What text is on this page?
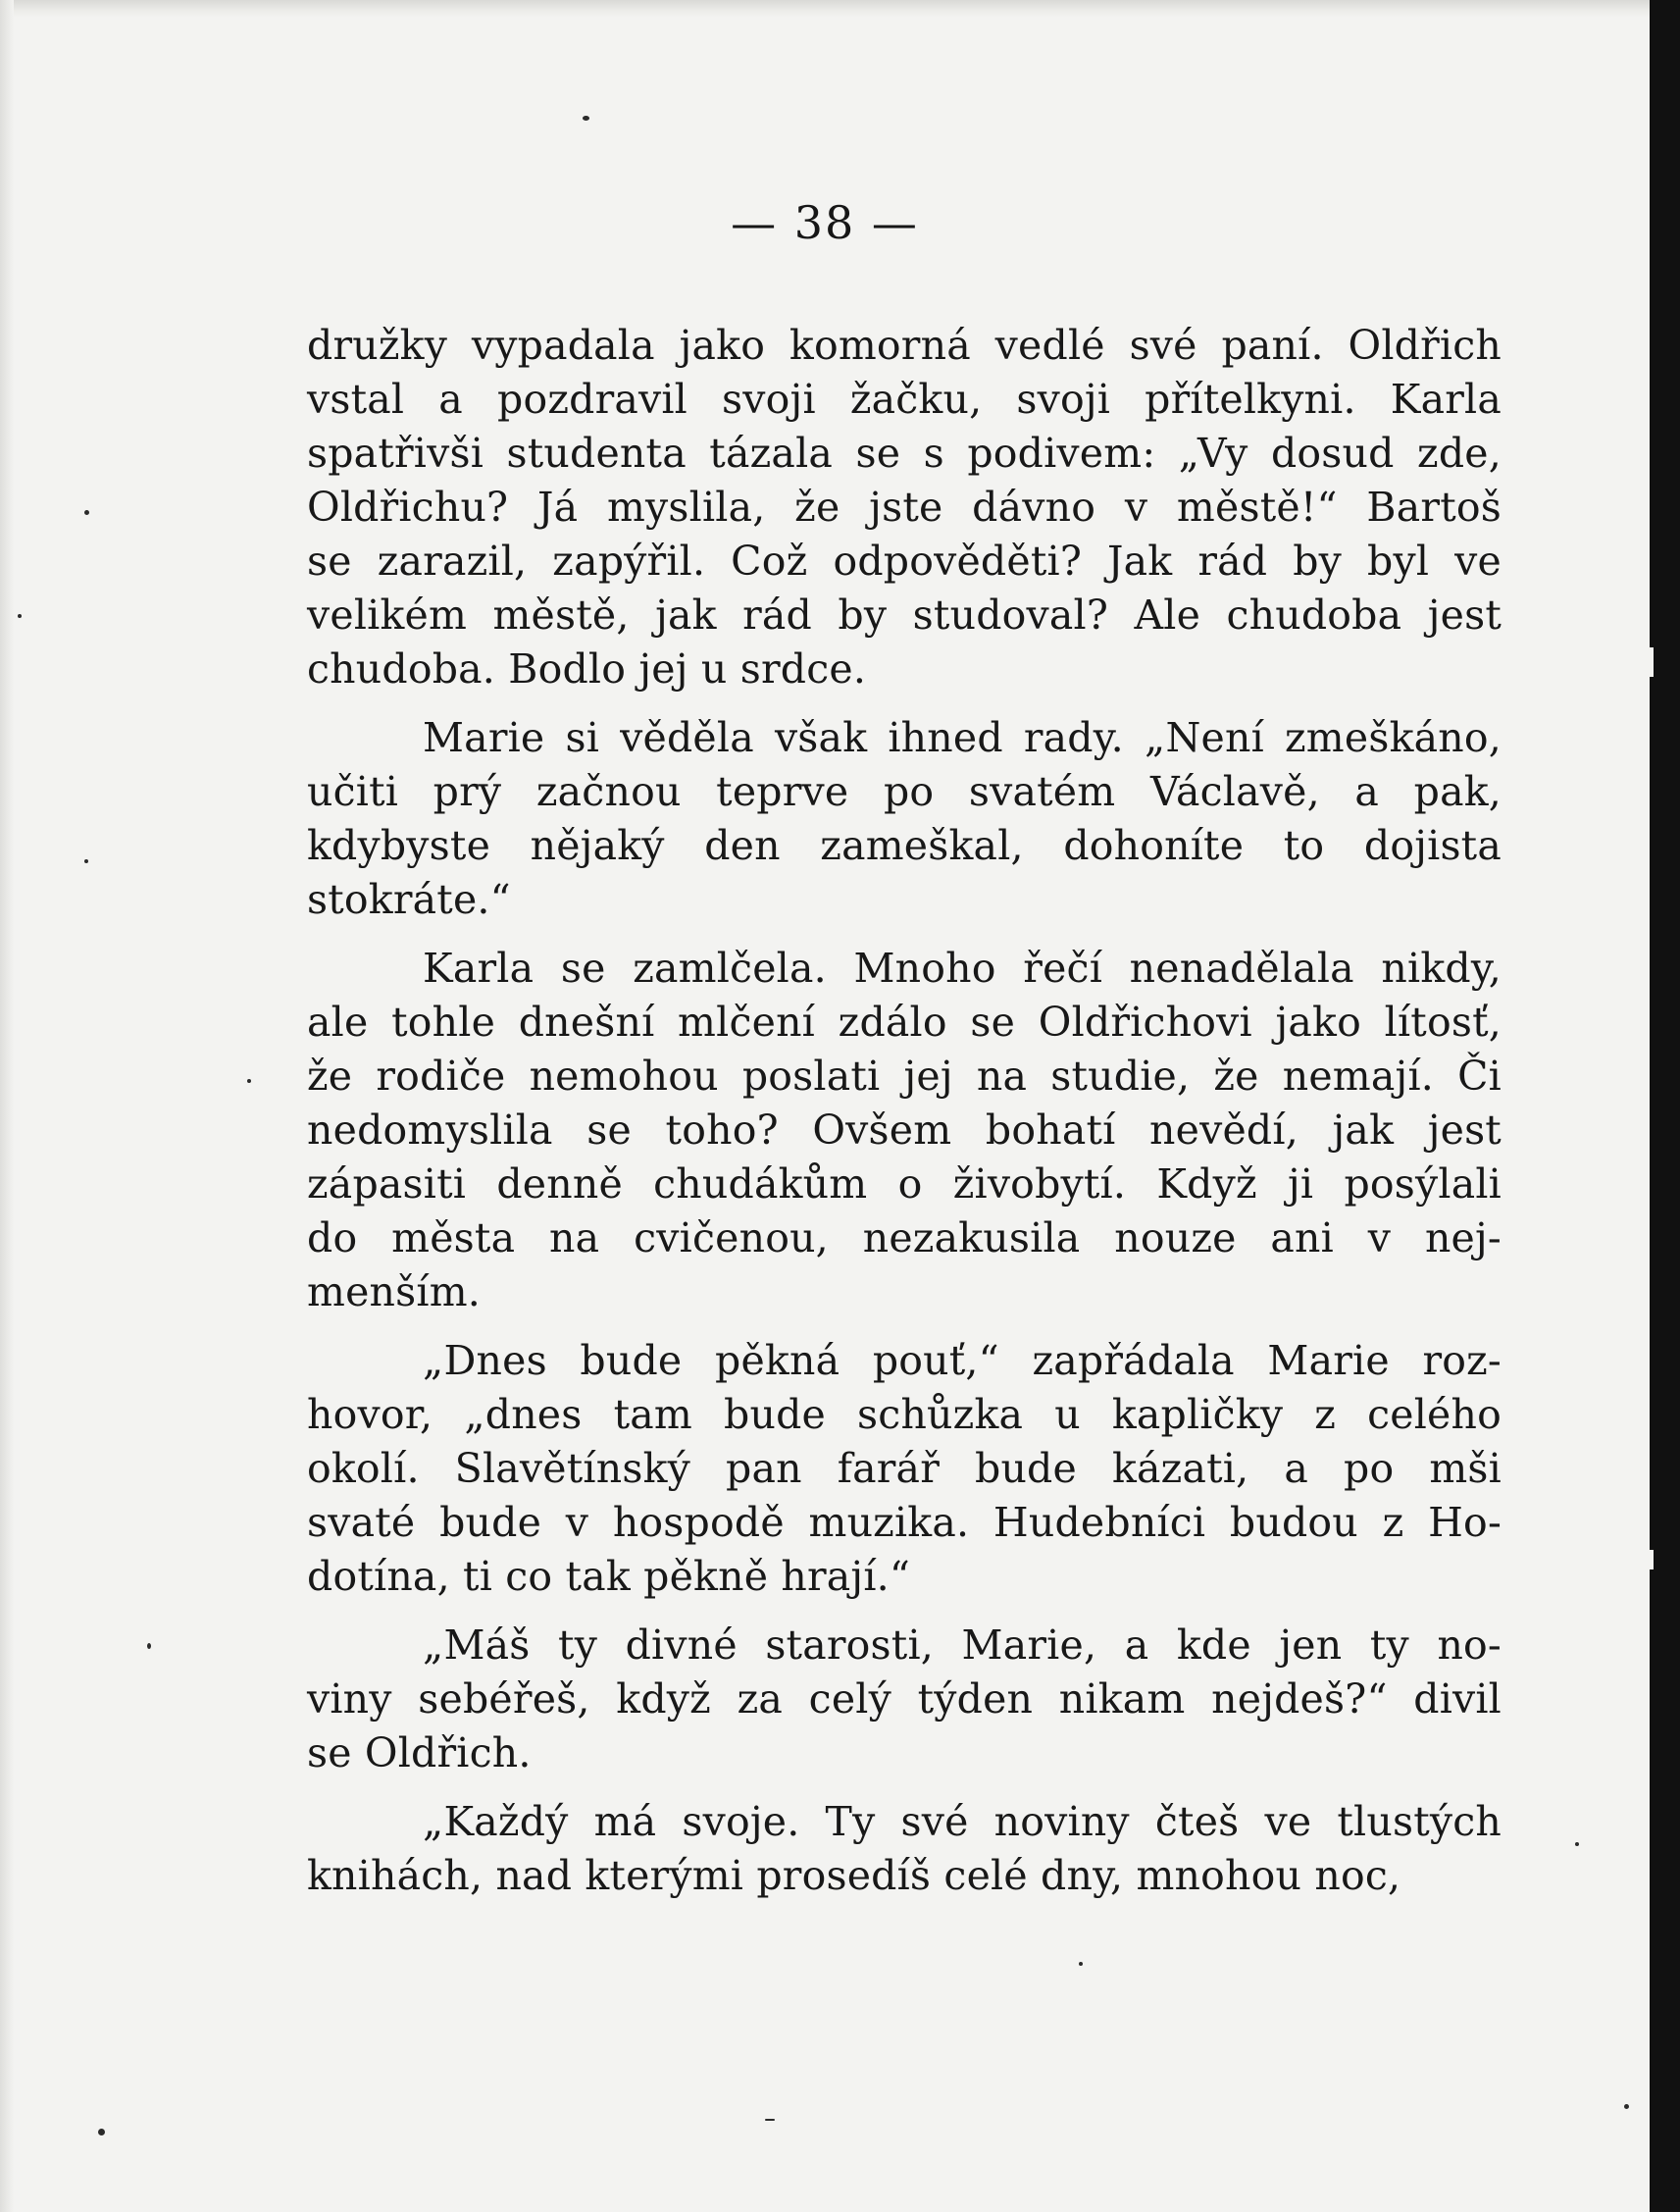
— 38 —
družky vypadala jako komorná vedlé své paní. Oldřich
vstal a pozdravil svoji žačku, svoji přítelkyni. Karla
spatřivši studenta tázala se s podivem: „Vy dosud zde,
Oldřichu? Já myslila, že jste dávno v městě!“ Bartoš
se zarazil, zapýřil. Což odpověděti? Jak rád by byl ve
velikém městě, jak rád by studoval? Ale chudoba jest
chudoba. Bodlo jej u srdce.
Marie si věděla však ihned rady. „Není zmeškáno,
učiti prý začnou teprve po svatém Václavě, a pak,
kdybyste nějaký den zameškal, dohoníte to dojista
stokráte.“
Karla se zamlčela. Mnoho řečí nenadělala nikdy,
ale tohle dnešní mlčení zdálo se Oldřichovi jako lítosť,
že rodiče nemohou poslati jej na studie, že nemají. Či
nedomyslila se toho? Ovšem bohatí nevědí, jak jest
zápasiti denně chudákům o živobytí. Když ji posýlali
do města na cvičenou, nezakusila nouze ani v nej-
menším.
„Dnes bude pěkná pouť,“ zapřádala Marie roz-
hovor, „dnes tam bude schůzka u kapličky z celého
okolí. Slavětínský pan farář bude kázati, a po mši
svaté bude v hospodě muzika. Hudebníci budou z Ho-
dotína, ti co tak pěkně hrají.“
„Máš ty divné starosti, Marie, a kde jen ty no-
viny sebéřeš, když za celý týden nikam nejdeš?“ divil
se Oldřich.
„Každý má svoje. Ty své noviny čteš ve tlustých
knihách, nad kterými prosedíš celé dny, mnohou noc,
